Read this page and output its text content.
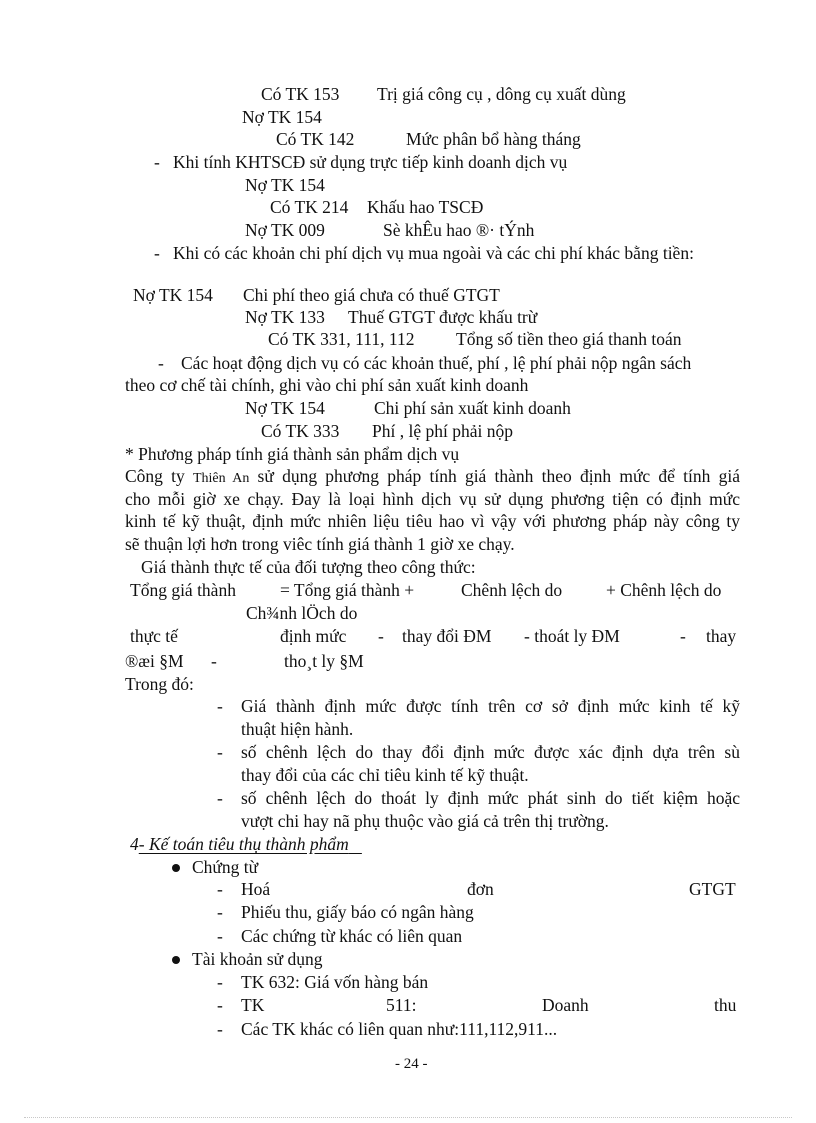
Có TK 153 Trị giá công cụ , dông cụ xuất dùng
Nợ TK 154
Có TK 142	Mức phân bổ hàng tháng
- Khi tính KHTSCĐ sử dụng trực tiếp kinh doanh dịch vụ
Nợ TK 154
Có TK 214 Khấu hao TSCĐ
Nợ TK 009	Sè khÊu hao ®· tÝnh
- Khi có các khoản chi phí dịch vụ mua ngoài và các chi phí khác bằng tiền:
Nợ TK 154 Chi phí theo giá chưa có thuế GTGT
Nợ TK 133 Thuế GTGT được khấu trừ
Có TK 331, 111, 112 Tổng số tiền theo giá thanh toán
- Các hoạt động dịch vụ có các khoản thuế, phí , lệ phí phải nộp ngân sách
theo cơ chế tài chính, ghi vào chi phí sản xuất kinh doanh
Nợ TK 154	Chi phí sản xuất kinh doanh
Có TK 333 Phí , lệ phí phải nộp
* Phương pháp tính giá thành sản phẩm dịch vụ
Công ty Thiên An sử dụng phương pháp tính giá thành theo định mức để tính giá
cho mỗi giờ xe chạy. Đay là loại hình dịch vụ sử dụng phương tiện có định mức
kinh tế kỹ thuật, định mức nhiên liệu tiêu hao vì vậy với phương pháp này công ty
sẽ thuận lợi hơn trong viêc tính giá thành 1 giờ xe chạy.
Giá thành thực tế của đối tượng theo công thức:
Tổng giá thành	= Tổng giá thành +	Chênh lệch do	+ Chênh lệch do
Ch¾nh lÖch do
thực tế	định mức - thay đổi ĐM - thoát ly ĐM	- thay
®æi §M -	tho¸t ly §M
Trong đó:
- Giá thành định mức được tính trên cơ sở định mức kinh tế kỹ
thuật hiện hành.
- số chênh lệch do thay đổi định mức được xác định dựa trên sù
thay đổi của các chỉ tiêu kinh tế kỹ thuật.
- số chênh lệch do thoát ly định mức phát sinh do tiết kiệm hoặc
vượt chi hay nã phụ thuộc vào giá cả trên thị trường.
4- Kế toán tiêu thụ thành phẩm
Chứng từ
- Hoá	đơn	GTGT
- Phiếu thu, giấy báo có ngân hàng
- Các chứng từ khác có liên quan
Tài khoản sử dụng
- TK 632: Giá vốn hàng bán
- TK	511:	Doanh	thu
- Các TK khác có liên quan như:111,112,911...
- 24 -
